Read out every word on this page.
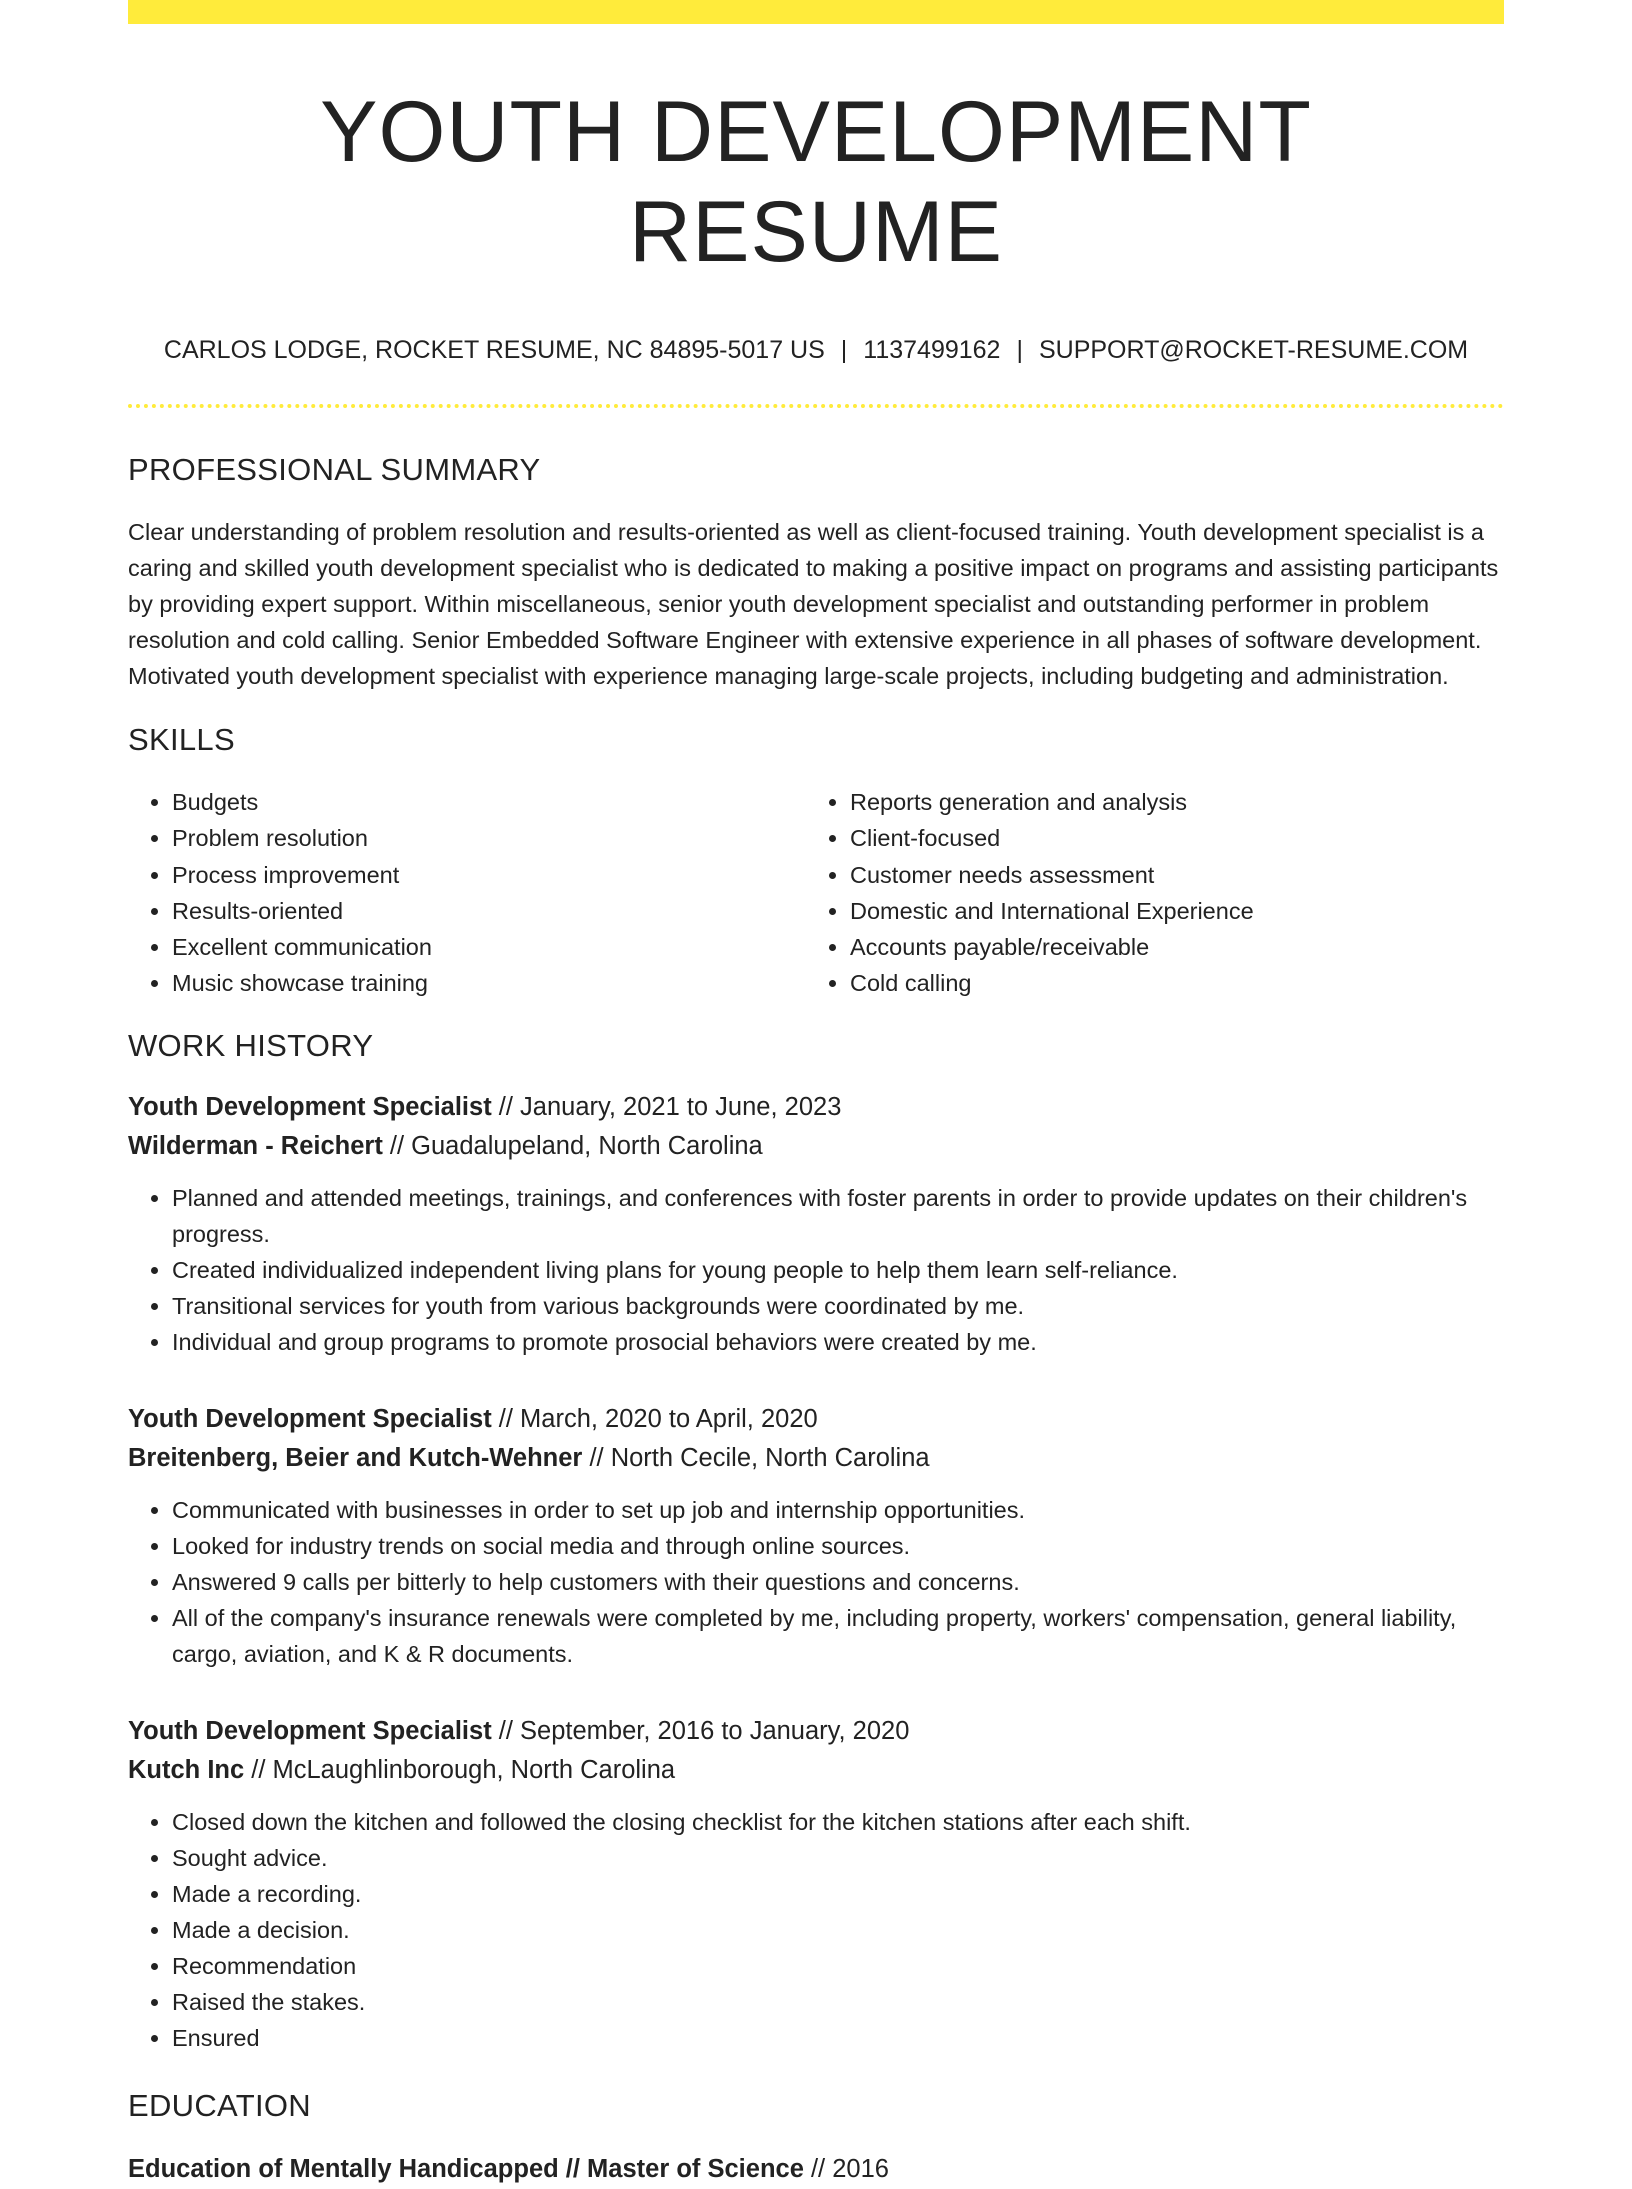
YOUTH DEVELOPMENT RESUME
CARLOS LODGE, ROCKET RESUME, NC 84895-5017 US | 1137499162 | SUPPORT@ROCKET-RESUME.COM
PROFESSIONAL SUMMARY

Clear understanding of problem resolution and results-oriented as well as client-focused training. Youth development specialist is a caring and skilled youth development specialist who is dedicated to making a positive impact on programs and assisting participants by providing expert support. Within miscellaneous, senior youth development specialist and outstanding performer in problem resolution and cold calling. Senior Embedded Software Engineer with extensive experience in all phases of software development. Motivated youth development specialist with experience managing large-scale projects, including budgeting and administration.

SKILLS
• Budgets
• Problem resolution
• Process improvement
• Results-oriented
• Excellent communication
• Music showcase training
• Reports generation and analysis
• Client-focused
• Customer needs assessment
• Domestic and International Experience
• Accounts payable/receivable
• Cold calling
WORK HISTORY
Youth Development Specialist // January, 2021 to June, 2023
Wilderman - Reichert // Guadalupeland, North Carolina
• Planned and attended meetings, trainings, and conferences with foster parents in order to provide updates on their children's progress.
• Created individualized independent living plans for young people to help them learn self-reliance.
• Transitional services for youth from various backgrounds were coordinated by me.
• Individual and group programs to promote prosocial behaviors were created by me.
Youth Development Specialist // March, 2020 to April, 2020
Breitenberg, Beier and Kutch-Wehner // North Cecile, North Carolina
• Communicated with businesses in order to set up job and internship opportunities.
• Looked for industry trends on social media and through online sources.
• Answered 9 calls per bitterly to help customers with their questions and concerns.
• All of the company's insurance renewals were completed by me, including property, workers' compensation, general liability, cargo, aviation, and K & R documents.
Youth Development Specialist // September, 2016 to January, 2020
Kutch Inc // McLaughlinborough, North Carolina
• Closed down the kitchen and followed the closing checklist for the kitchen stations after each shift.
• Sought advice.
• Made a recording.
• Made a decision.
• Recommendation
• Raised the stakes.
• Ensured
EDUCATION
Education of Mentally Handicapped // Master of Science // 2016
